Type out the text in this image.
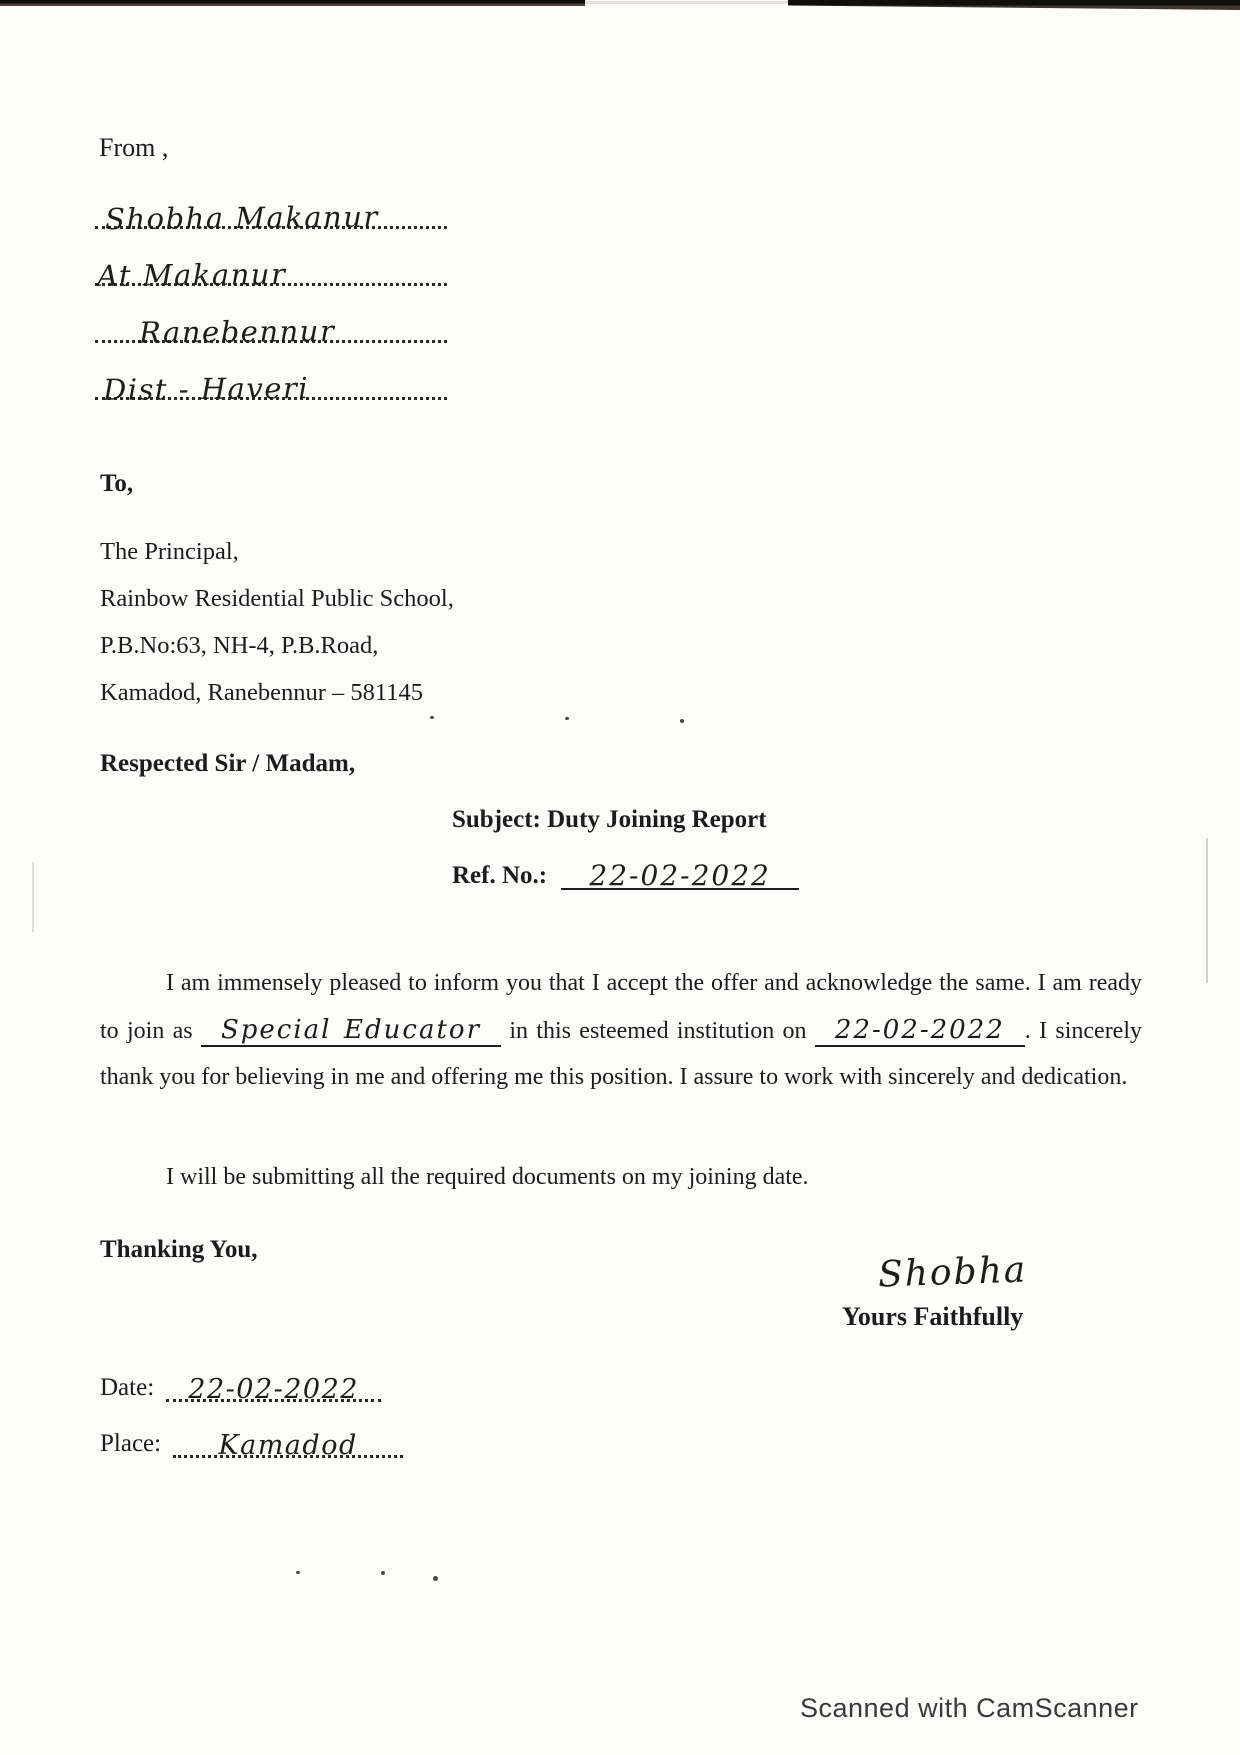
From ,
Shobha Makanur
At Makanur
Ranebennur
Dist - Haveri
To,
The Principal,
Rainbow Residential Public School,
P.B.No:63, NH-4, P.B.Road,
Kamadod, Ranebennur – 581145
Respected Sir / Madam,
Subject: Duty Joining Report
Ref. No.:	22-02-2022
I am immensely pleased to inform you that I accept the offer and acknowledge the same. I am ready to join as Special Educator in this esteemed institution on 22-02-2022 . I sincerely thank you for believing in me and offering me this position. I assure to work with sincerely and dedication.
I will be submitting all the required documents on my joining date.
Thanking You,	Shobha
Yours Faithfully
Date:	22-02-2022
Place:	Kamadod
Scanned with CamScanner
